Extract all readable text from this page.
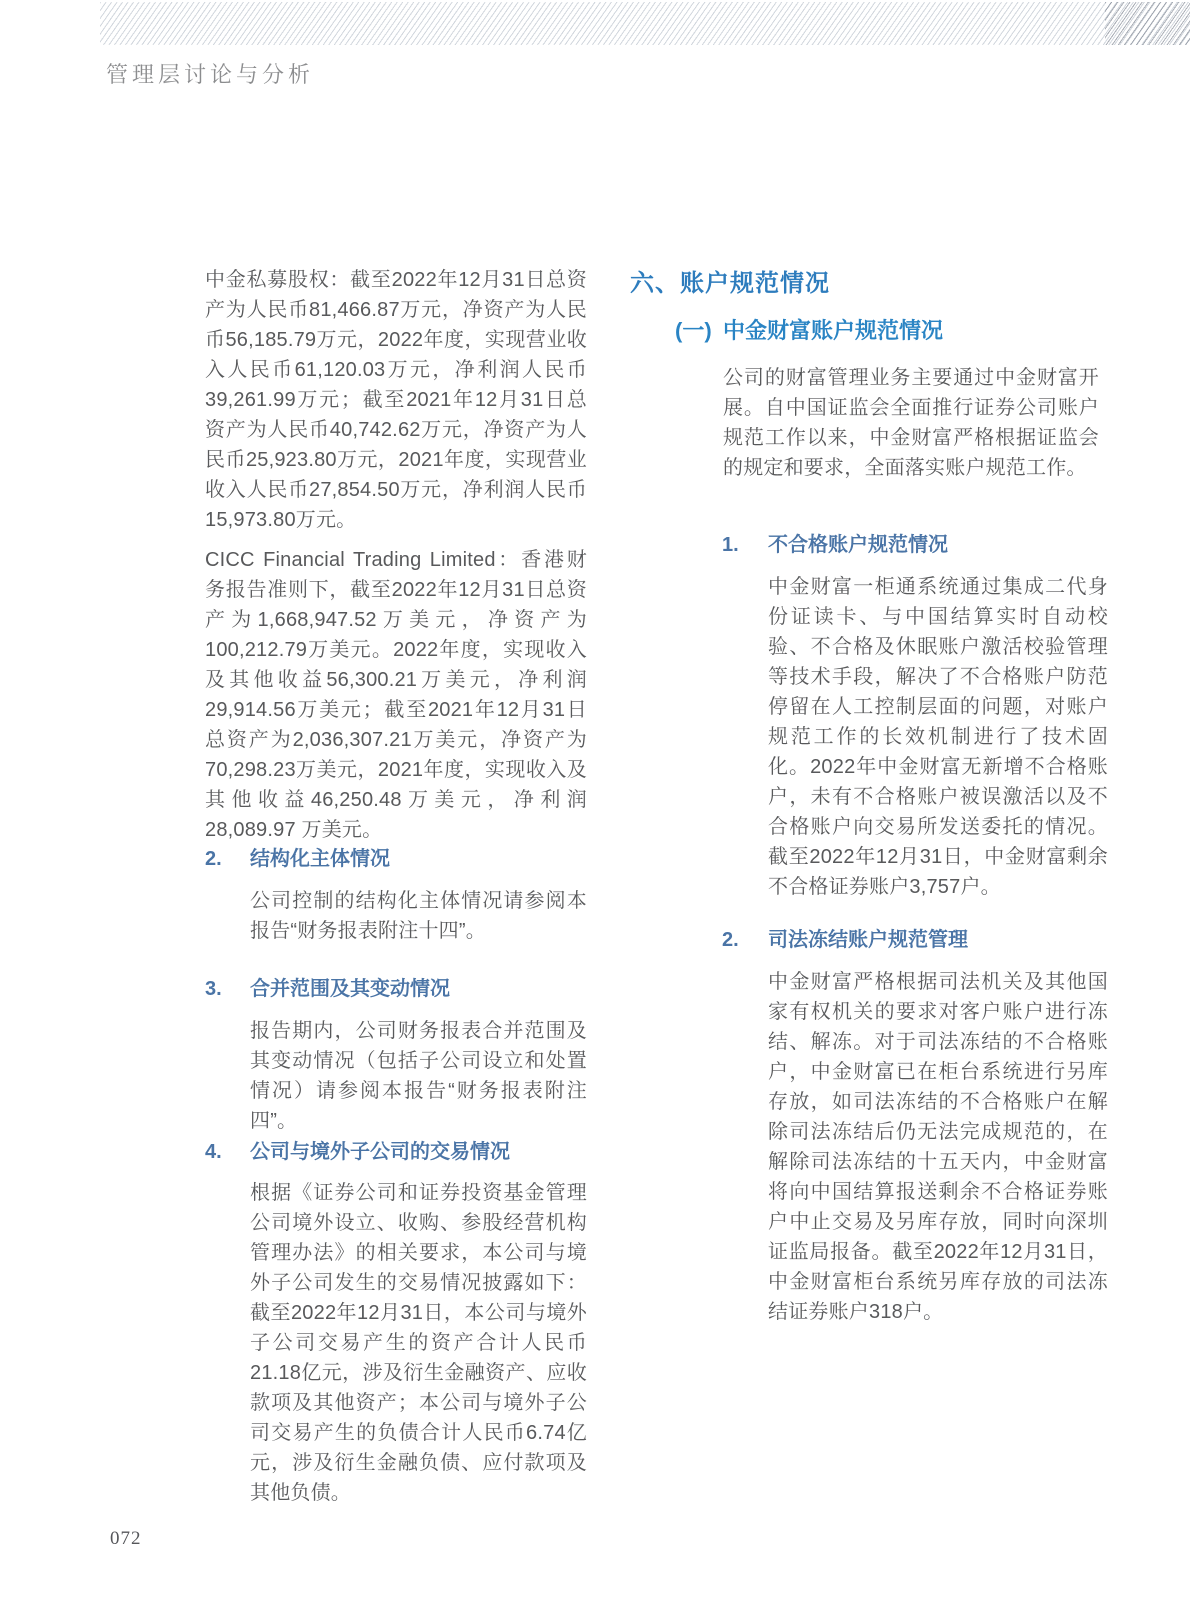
管理层讨论与分析
中金私募股权：截至2022年12月31日总资产为人民币81,466.87万元，净资产为人民币56,185.79万元，2022年度，实现营业收入人民币61,120.03万元，净利润人民币39,261.99万元；截至2021年12月31日总资产为人民币40,742.62万元，净资产为人民币25,923.80万元，2021年度，实现营业收入人民币27,854.50万元，净利润人民币15,973.80万元。
CICC Financial Trading Limited：香港财务报告准则下，截至2022年12月31日总资产为1,668,947.52万美元，净资产为100,212.79万美元。2022年度，实现收入及其他收益56,300.21万美元，净利润29,914.56万美元；截至2021年12月31日总资产为2,036,307.21万美元，净资产为70,298.23万美元，2021年度，实现收入及其他收益46,250.48万美元，净利润28,089.97 万美元。
2.	结构化主体情况
公司控制的结构化主体情况请参阅本报告“财务报表附注十四”。
3.	合并范围及其变动情况
报告期内，公司财务报表合并范围及其变动情况（包括子公司设立和处置情况）请参阅本报告“财务报表附注四”。
4.	公司与境外子公司的交易情况
根据《证券公司和证券投资基金管理公司境外设立、收购、参股经营机构管理办法》的相关要求，本公司与境外子公司发生的交易情况披露如下：截至2022年12月31日，本公司与境外子公司交易产生的资产合计人民币21.18亿元，涉及衍生金融资产、应收款项及其他资产；本公司与境外子公司交易产生的负债合计人民币6.74亿元，涉及衍生金融负债、应付款项及其他负债。
六、账户规范情况
(一) 中金财富账户规范情况
公司的财富管理业务主要通过中金财富开展。自中国证监会全面推行证券公司账户规范工作以来，中金财富严格根据证监会的规定和要求，全面落实账户规范工作。
1.	不合格账户规范情况
中金财富一柜通系统通过集成二代身份证读卡、与中国结算实时自动校验、不合格及休眠账户激活校验管理等技术手段，解决了不合格账户防范停留在人工控制层面的问题，对账户规范工作的长效机制进行了技术固化。2022年中金财富无新增不合格账户，未有不合格账户被误激活以及不合格账户向交易所发送委托的情况。截至2022年12月31日，中金财富剩余不合格证券账户3,757户。
2.	司法冻结账户规范管理
中金财富严格根据司法机关及其他国家有权机关的要求对客户账户进行冻结、解冻。对于司法冻结的不合格账户，中金财富已在柜台系统进行另库存放，如司法冻结的不合格账户在解除司法冻结后仍无法完成规范的，在解除司法冻结的十五天内，中金财富将向中国结算报送剩余不合格证券账户中止交易及另库存放，同时向深圳证监局报备。截至2022年12月31日，中金财富柜台系统另库存放的司法冻结证券账户318户。
072
